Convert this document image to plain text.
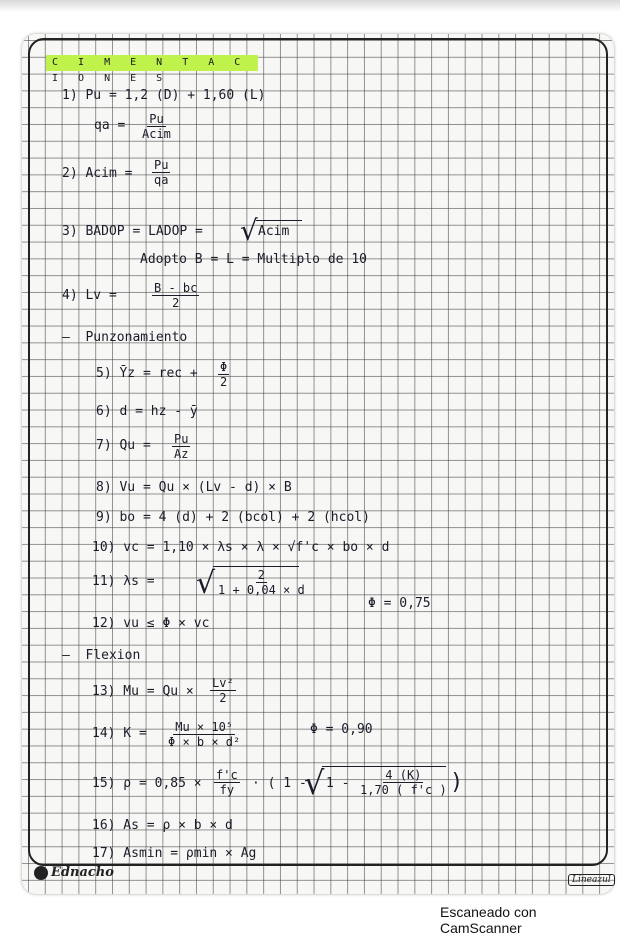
C I M E N T A C I O N E S
1) Pu = 1,2 (D) + 1,60 (L)
qa = Pu
Acim
2) Acim = $\frac{Pu}{qa}$
3) BADOP = LADOP = √ Acim
Adopto B = L = Multiplo de 10
4) Lv =	$\frac{B - bc}{2}$
—  Punzonamiento
5) Ȳz = rec + $\frac{\Phi}{2}$
6) d = hz - ȳ
7) $Qu = \frac{Pu}{Az}$
8) Vu = Qu × (Lv - d) × B
9) bo = 4 (d) + 2 (bcol) + 2 (hcol)
10) vc = 1,10 × λs × λ × √f'c × bo × d
11) λs = √ $\frac{2}{1 + 0,04 \times d}$
Φ = 0,75
12) vu ≤ Φ × vc
—  Flexion
13) $Mu = Qu \times \frac{\text{Lv²}}{2}$
14) $K = \frac{\text{Mu × 10⁵}}{\text{Φ × b × d²}}$	Φ = 0,90
15) $\rho = 0,85 \times \frac{f'c}{fy}$ · ( 1 -
√ $1 - \frac{4 (K)}{1,70 ( f'c )}$ )
16) As = ρ × b × d
17) Asmin = ρmin × Ag
Ednacho	Lineazul
Escaneado con CamScanner
